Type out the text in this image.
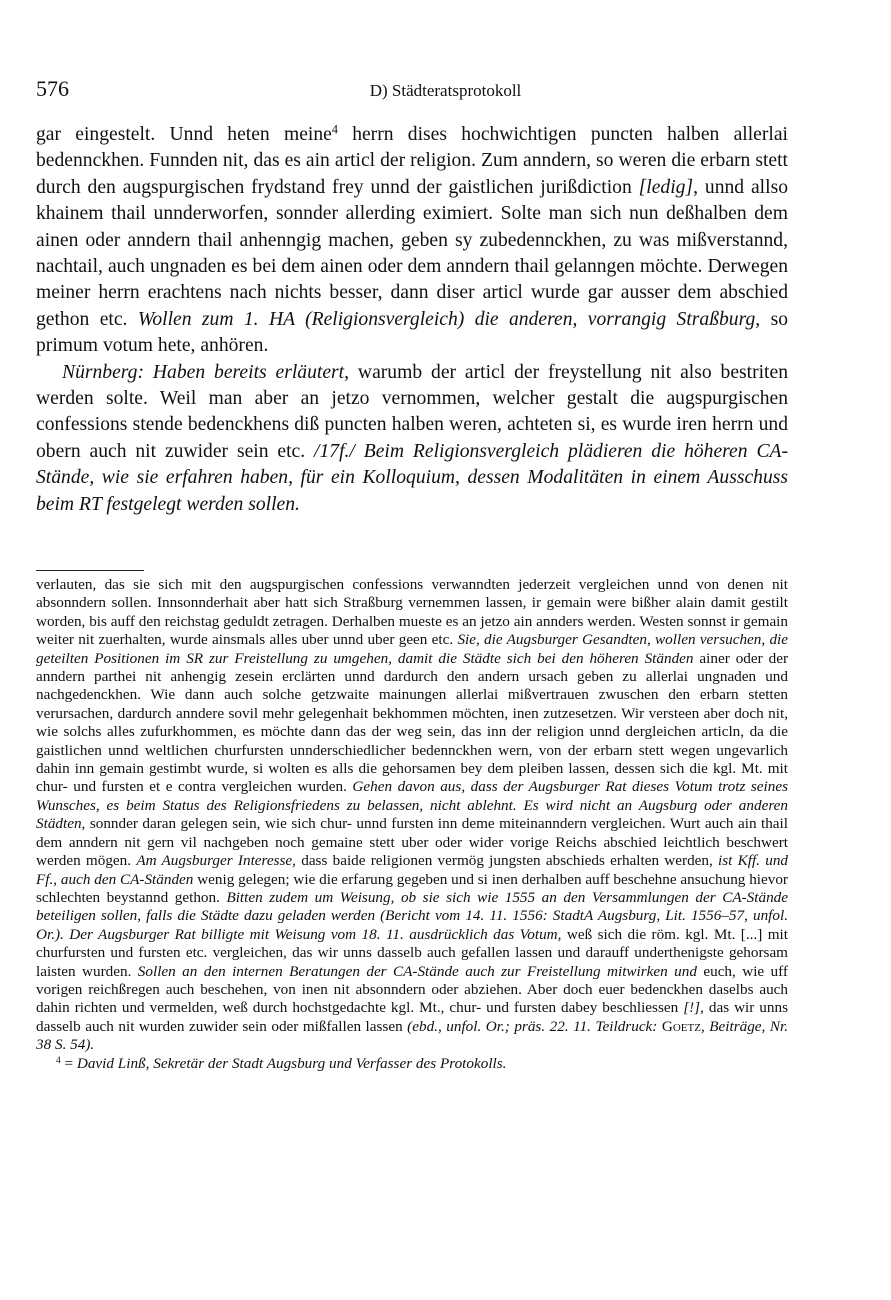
576	D) Städteratsprotokoll

gar eingestelt. Unnd heten meine$^4$ herrn dises hochwichtigen puncten halben allerlai bedennckhen. Funnden nit, das es ain articl der religion. Zum anndern, so weren die erbarn stett durch den augspurgischen frydstand frey unnd der gaistlichen jurißdiction [ledig], unnd allso khainem thail unnderworfen, sonnder allerding eximiert. Solte man sich nun deßhalben dem ainen oder anndern thail anhenngig machen, geben sy zubedennckhen, zu was mißverstannd, nachtail, auch ungnaden es bei dem ainen oder dem anndern thail gelanngen möchte. Derwegen meiner herrn erachtens nach nichts besser, dann diser articl wurde gar ausser dem abschied gethon etc. Wollen zum 1. HA (Religionsvergleich) die anderen, vorrangig Straßburg, so primum votum hete, anhören.

Nürnberg: Haben bereits erläutert, warumb der articl der freystellung nit also bestriten werden solte. Weil man aber an jetzo vernommen, welcher gestalt die augspurgischen confessions stende bedenckhens diß puncten halben weren, achteten si, es wurde iren herrn und obern auch nit zuwider sein etc. /17f./ Beim Religionsvergleich plädieren die höheren CA-Stände, wie sie erfahren haben, für ein Kolloquium, dessen Modalitäten in einem Ausschuss beim RT festgelegt werden sollen.

verlauten, das sie sich mit den augspurgischen confessions verwanndten jederzeit vergleichen unnd von denen nit absonndern sollen. Innsonnderhait aber hatt sich Straßburg vernemmen lassen, ir gemain were bißher alain damit gestilt worden, bis auff den reichstag geduldt zetragen. Derhalben mueste es an jetzo ain annders werden. Westen sonnst ir gemain weiter nit zuerhalten, wurde ainsmals alles uber unnd uber geen etc. Sie, die Augsburger Gesandten, wollen versuchen, die geteilten Positionen im SR zur Freistellung zu umgehen, damit die Städte sich bei den höheren Ständen ainer oder der anndern parthei nit anhengig zesein erclärten unnd dardurch den andern ursach geben zu allerlai ungnaden und nachgedenckhen. Wie dann auch solche getzwaite mainungen allerlai mißvertrauen zwuschen den erbarn stetten verursachen, dardurch anndere sovil mehr gelegenhait bekhommen möchten, inen zutzesetzen. Wir versteen aber doch nit, wie solchs alles zufurkhommen, es möchte dann das der weg sein, das inn der religion unnd dergleichen articln, da die gaistlichen unnd weltlichen churfursten unnderschiedlicher bedennckhen wern, von der erbarn stett wegen ungevarlich dahin inn gemain gestimbt wurde, si wolten es alls die gehorsamen bey dem pleiben lassen, dessen sich die kgl. Mt. mit chur- und fursten et e contra vergleichen wurden. Gehen davon aus, dass der Augsburger Rat dieses Votum trotz seines Wunsches, es beim Status des Religionsfriedens zu belassen, nicht ablehnt. Es wird nicht an Augsburg oder anderen Städten, sonnder daran gelegen sein, wie sich chur- unnd fursten inn deme miteinanndern vergleichen. Wurt auch ain thail dem anndern nit gern vil nachgeben noch gemaine stett uber oder wider vorige Reichs abschied leichtlich beschwert werden mögen. Am Augsburger Interesse, dass baide religionen vermög jungsten abschieds erhalten werden, ist Kff. und Ff., auch den CA-Ständen wenig gelegen; wie die erfarung gegeben und si inen derhalben auff beschehne ansuchung hievor schlechten beystannd gethon. Bitten zudem um Weisung, ob sie sich wie 1555 an den Versammlungen der CA-Stände beteiligen sollen, falls die Städte dazu geladen werden (Bericht vom 14. 11. 1556: StadtA Augsburg, Lit. 1556–57, unfol. Or.). Der Augsburger Rat billigte mit Weisung vom 18. 11. ausdrücklich das Votum, weß sich die röm. kgl. Mt. [...] mit churfursten und fursten etc. vergleichen, das wir unns dasselb auch gefallen lassen und darauff underthenigste gehorsam laisten wurden. Sollen an den internen Beratungen der CA-Stände auch zur Freistellung mitwirken und euch, wie uff vorigen reichßregen auch beschehen, von inen nit absonndern oder abziehen. Aber doch euer bedenckhen daselbs auch dahin richten und vermelden, weß durch hochstgedachte kgl. Mt., chur- und fursten dabey beschliessen [!], das wir unns dasselb auch nit wurden zuwider sein oder mißfallen lassen (ebd., unfol. Or.; präs. 22. 11. Teildruck: Goetz, Beiträge, Nr. 38 S. 54).

$^4$ = David Linß, Sekretär der Stadt Augsburg und Verfasser des Protokolls.
